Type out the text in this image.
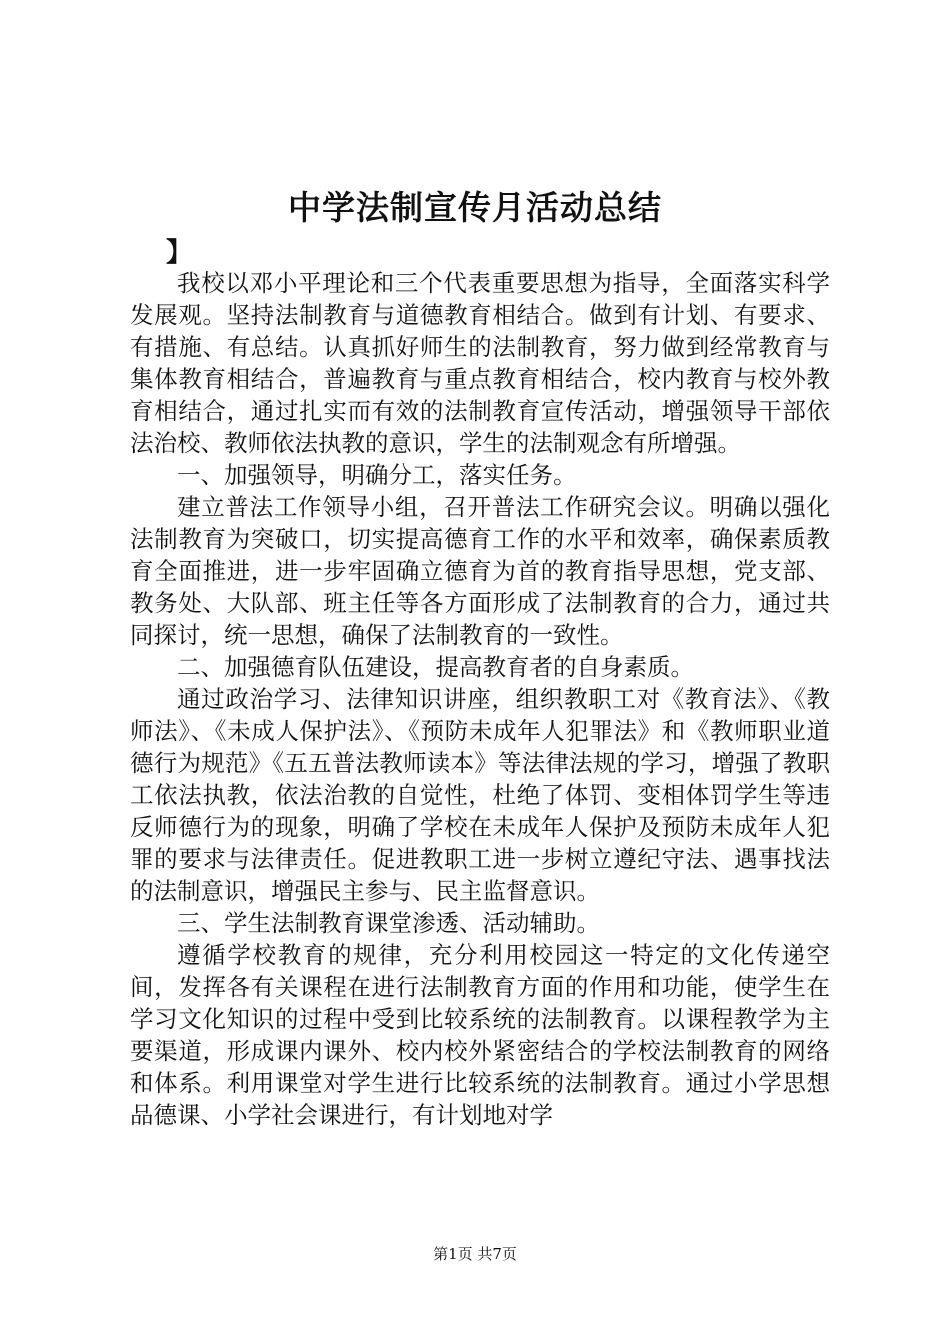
中学法制宣传月活动总结
】

我校以邓小平理论和三个代表重要思想为指导，全面落实科学发展观。坚持法制教育与道德教育相结合。做到有计划、有要求、有措施、有总结。认真抓好师生的法制教育，努力做到经常教育与集体教育相结合，普遍教育与重点教育相结合，校内教育与校外教育相结合，通过扎实而有效的法制教育宣传活动，增强领导干部依法治校、教师依法执教的意识，学生的法制观念有所增强。

一、加强领导，明确分工，落实任务。

建立普法工作领导小组，召开普法工作研究会议。明确以强化法制教育为突破口，切实提高德育工作的水平和效率，确保素质教育全面推进，进一步牢固确立德育为首的教育指导思想，党支部、教务处、大队部、班主任等各方面形成了法制教育的合力，通过共同探讨，统一思想，确保了法制教育的一致性。

二、加强德育队伍建设，提高教育者的自身素质。

通过政治学习、法律知识讲座，组织教职工对《教育法》、《教师法》、《未成人保护法》、《预防未成年人犯罪法》和《教师职业道德行为规范》《五五普法教师读本》等法律法规的学习，增强了教职工依法执教，依法治教的自觉性，杜绝了体罚、变相体罚学生等违反师德行为的现象，明确了学校在未成年人保护及预防未成年人犯罪的要求与法律责任。促进教职工进一步树立遵纪守法、遇事找法的法制意识，增强民主参与、民主监督意识。

三、学生法制教育课堂渗透、活动辅助。

遵循学校教育的规律，充分利用校园这一特定的文化传递空间，发挥各有关课程在进行法制教育方面的作用和功能，使学生在学习文化知识的过程中受到比较系统的法制教育。以课程教学为主要渠道，形成课内课外、校内校外紧密结合的学校法制教育的网络和体系。利用课堂对学生进行比较系统的法制教育。通过小学思想品德课、小学社会课进行，有计划地对学

第1页 共7页
